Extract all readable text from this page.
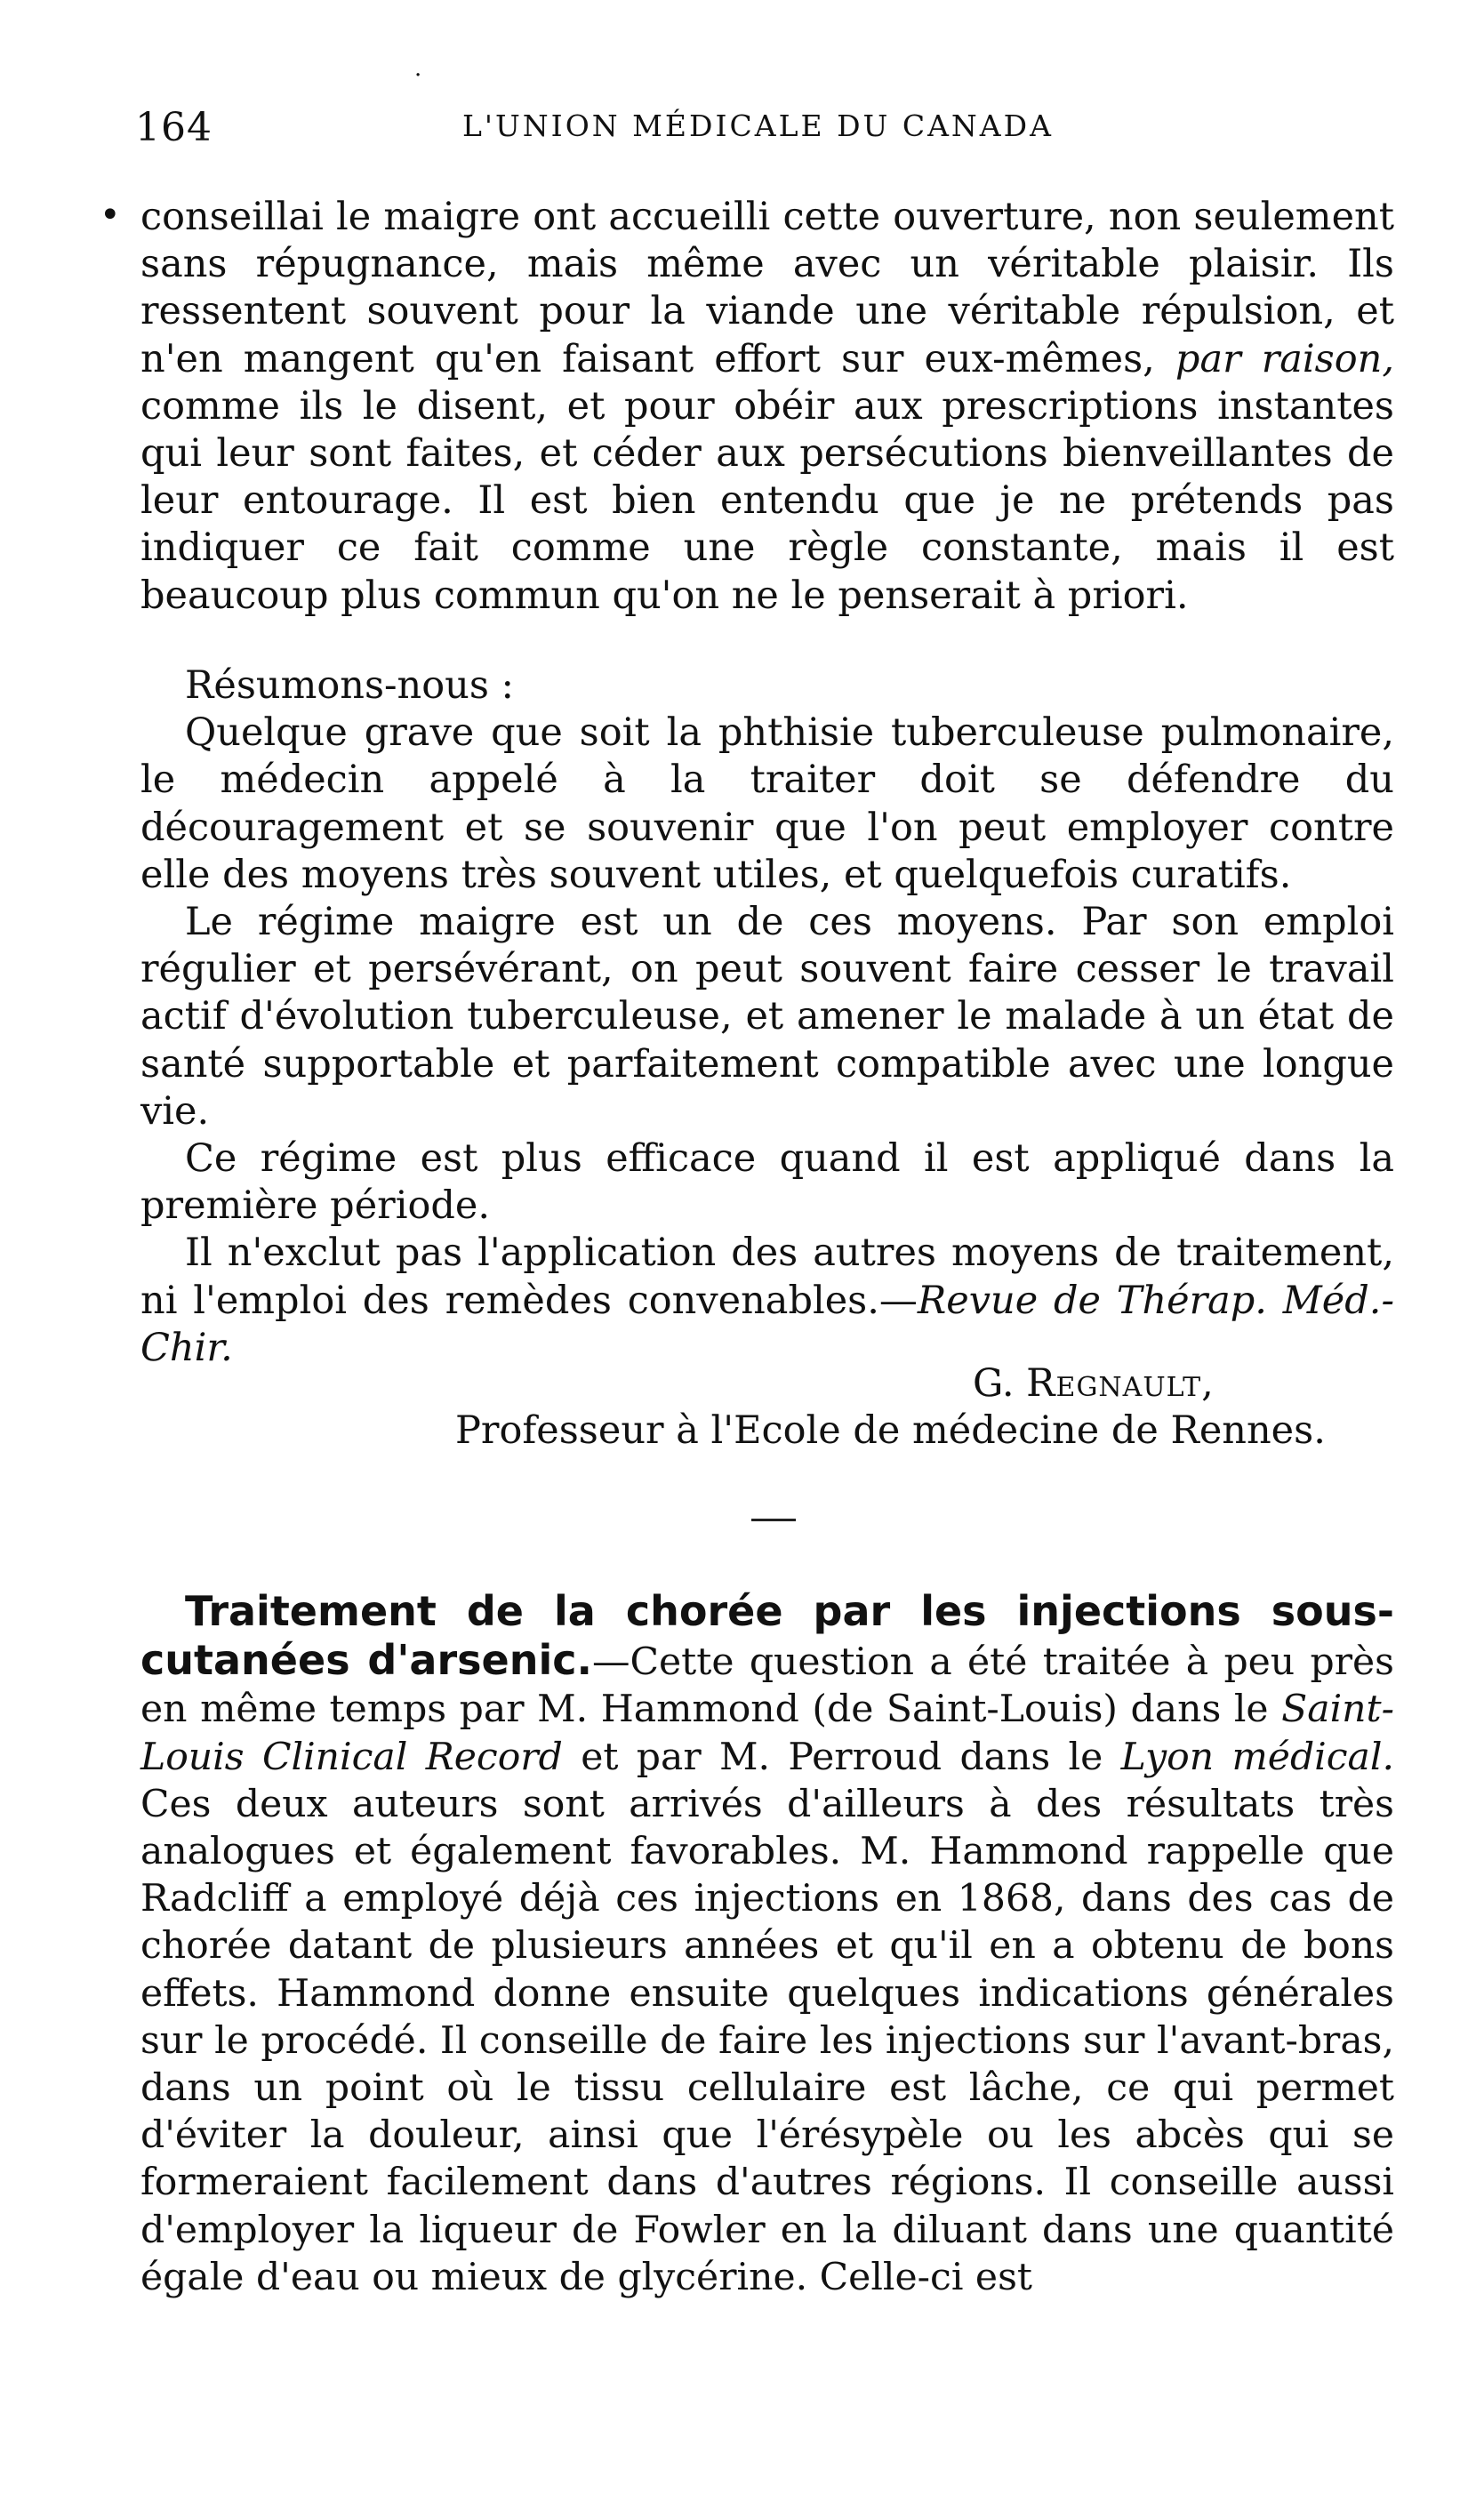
·
164	L'UNION MÉDICALE DU CANADA
• conseillai le maigre ont accueilli cette ouverture, non seulement sans répugnance, mais même avec un véritable plaisir. Ils ressentent souvent pour la viande une véritable répulsion, et n'en mangent qu'en faisant effort sur eux-mêmes, par raison, comme ils le disent, et pour obéir aux prescriptions instantes qui leur sont faites, et céder aux persécutions bienveillantes de leur entourage. Il est bien entendu que je ne prétends pas indiquer ce fait comme une règle constante, mais il est beaucoup plus commun qu'on ne le penserait à priori.

Résumons-nous :

Quelque grave que soit la phthisie tuberculeuse pulmonaire, le médecin appelé à la traiter doit se défendre du découragement et se souvenir que l'on peut employer contre elle des moyens très souvent utiles, et quelquefois curatifs.

Le régime maigre est un de ces moyens. Par son emploi régulier et persévérant, on peut souvent faire cesser le travail actif d'évolution tuberculeuse, et amener le malade à un état de santé supportable et parfaitement compatible avec une longue vie.

Ce régime est plus efficace quand il est appliqué dans la première période.

Il n'exclut pas l'application des autres moyens de traitement, ni l'emploi des remèdes convenables.—Revue de Thérap. Méd.-Chir.

G. Regnault,
Professeur à l'Ecole de médecine de Rennes.

Traitement de la chorée par les injections sous-cutanées d'arsenic.—Cette question a été traitée à peu près en même temps par M. Hammond (de Saint-Louis) dans le Saint-Louis Clinical Record et par M. Perroud dans le Lyon médical. Ces deux auteurs sont arrivés d'ailleurs à des résultats très analogues et également favorables. M. Hammond rappelle que Radcliff a employé déjà ces injections en 1868, dans des cas de chorée datant de plusieurs années et qu'il en a obtenu de bons effets. Hammond donne ensuite quelques indications générales sur le procédé. Il conseille de faire les injections sur l'avant-bras, dans un point où le tissu cellulaire est lâche, ce qui permet d'éviter la douleur, ainsi que l'érésypèle ou les abcès qui se formeraient facilement dans d'autres régions. Il conseille aussi d'employer la liqueur de Fowler en la diluant dans une quantité égale d'eau ou mieux de glycérine. Celle-ci est
